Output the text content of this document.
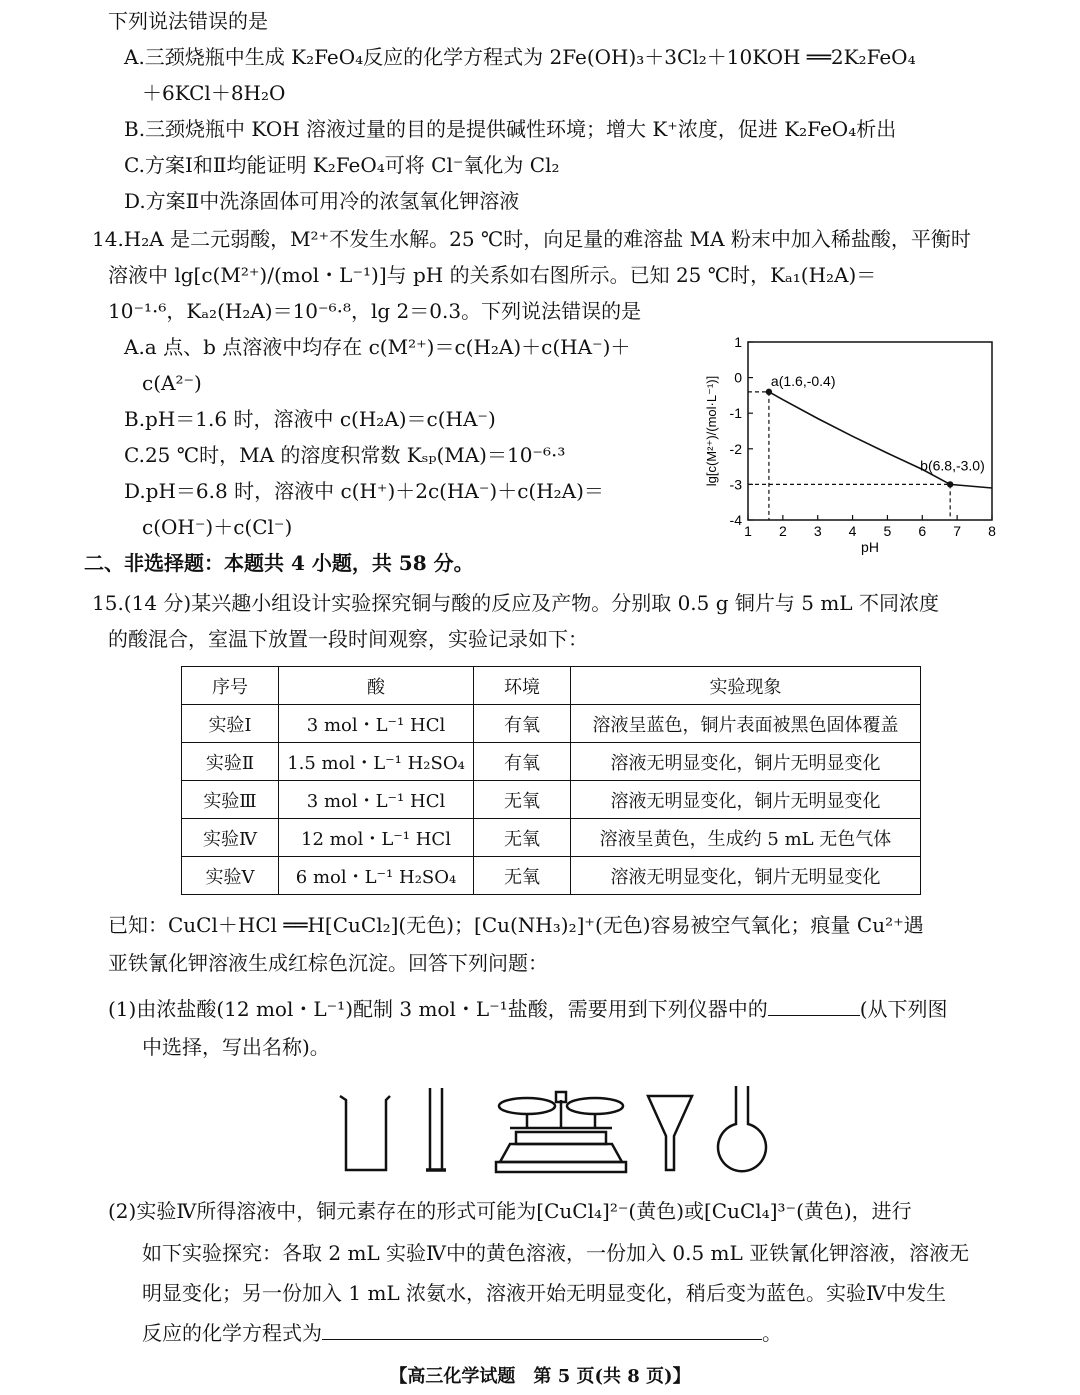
下列说法错误的是
A.三颈烧瓶中生成 K₂FeO₄反应的化学方程式为 2Fe(OH)₃＋3Cl₂＋10KOH ══2K₂FeO₄
＋6KCl＋8H₂O
B.三颈烧瓶中 KOH 溶液过量的目的是提供碱性环境；增大 K⁺浓度，促进 K₂FeO₄析出
C.方案Ⅰ和Ⅱ均能证明 K₂FeO₄可将 Cl⁻氧化为 Cl₂
D.方案Ⅱ中洗涤固体可用冷的浓氢氧化钾溶液
14.H₂A 是二元弱酸，M²⁺不发生水解。25 ℃时，向足量的难溶盐 MA 粉末中加入稀盐酸，平衡时
溶液中 lg[c(M²⁺)/(mol・L⁻¹)]与 pH 的关系如右图所示。已知 25 ℃时，Kₐ₁(H₂A)＝
10⁻¹·⁶，Kₐ₂(H₂A)＝10⁻⁶·⁸，lg 2＝0.3。下列说法错误的是
A.a 点、b 点溶液中均存在 c(M²⁺)＝c(H₂A)＋c(HA⁻)＋
c(A²⁻)
B.pH＝1.6 时，溶液中 c(H₂A)＝c(HA⁻)
C.25 ℃时，MA 的溶度积常数 Kₛₚ(MA)＝10⁻⁶·³
D.pH＝6.8 时，溶液中 c(H⁺)＋2c(HA⁻)＋c(H₂A)＝
c(OH⁻)＋c(Cl⁻)	1 2 3 4 5 6 7 8
1
0
-1
-2
-3
-4
pH
lg[c(M²⁺)/(mol·L⁻¹)]	a(1.6,-0.4)
b(6.8,-3.0)
二、非选择题：本题共 4 小题，共 58 分。
15.(14 分)某兴趣小组设计实验探究铜与酸的反应及产物。分别取 0.5 g 铜片与 5 mL 不同浓度
的酸混合，室温下放置一段时间观察，实验记录如下：
序号	酸	环境	实验现象
实验Ⅰ	3 mol・L⁻¹ HCl	有氧	溶液呈蓝色，铜片表面被黑色固体覆盖
实验Ⅱ	1.5 mol・L⁻¹ H₂SO₄	有氧	溶液无明显变化，铜片无明显变化
实验Ⅲ	3 mol・L⁻¹ HCl	无氧	溶液无明显变化，铜片无明显变化
实验Ⅳ	12 mol・L⁻¹ HCl	无氧	溶液呈黄色，生成约 5 mL 无色气体
实验Ⅴ	6 mol・L⁻¹ H₂SO₄	无氧	溶液无明显变化，铜片无明显变化
已知：CuCl＋HCl ══H[CuCl₂](无色)；[Cu(NH₃)₂]⁺(无色)容易被空气氧化；痕量 Cu²⁺遇
亚铁氰化钾溶液生成红棕色沉淀。回答下列问题：
(1)由浓盐酸(12 mol・L⁻¹)配制 3 mol・L⁻¹盐酸，需要用到下列仪器中的	(从下列图
中选择，写出名称)。
(2)实验Ⅳ所得溶液中，铜元素存在的形式可能为[CuCl₄]²⁻(黄色)或[CuCl₄]³⁻(黄色)，进行
如下实验探究：各取 2 mL 实验Ⅳ中的黄色溶液，一份加入 0.5 mL 亚铁氰化钾溶液，溶液无
明显变化；另一份加入 1 mL 浓氨水，溶液开始无明显变化，稍后变为蓝色。实验Ⅳ中发生
反应的化学方程式为	。
【高三化学试题　第 5 页(共 8 页)】
